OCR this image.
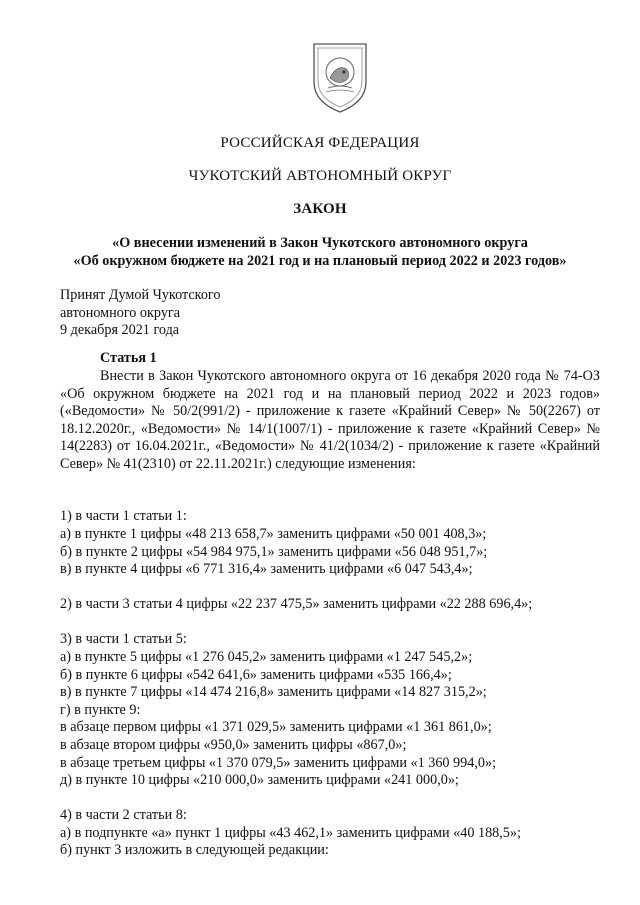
РОССИЙСКАЯ ФЕДЕРАЦИЯ
ЧУКОТСКИЙ АВТОНОМНЫЙ ОКРУГ
ЗАКОН
«О внесении изменений в Закон Чукотского автономного округа
«Об окружном бюджете на 2021 год и на плановый период 2022 и 2023 годов»
Принят Думой Чукотского
автономного округа
9 декабря 2021 года
Статья 1
Внести в Закон Чукотского автономного округа от 16 декабря 2020 года № 74-ОЗ «Об окружном бюджете на 2021 год и на плановый период 2022 и 2023 годов» («Ведомости» № 50/2(991/2) - приложение к газете «Крайний Север» № 50(2267) от 18.12.2020г., «Ведомости» № 14/1(1007/1) - приложение к газете «Крайний Север» № 14(2283) от 16.04.2021г., «Ведомости» № 41/2(1034/2) - приложение к газете «Крайний Север» № 41(2310) от 22.11.2021г.) следующие изменения:
1) в части 1 статьи 1:
а) в пункте 1 цифры «48 213 658,7» заменить цифрами «50 001 408,3»;
б) в пункте 2 цифры «54 984 975,1» заменить цифрами «56 048 951,7»;
в) в пункте 4 цифры «6 771 316,4» заменить цифрами «6 047 543,4»;
2) в части 3 статьи 4 цифры «22 237 475,5» заменить цифрами «22 288 696,4»;
3) в части 1 статьи 5:
а) в пункте 5 цифры «1 276 045,2» заменить цифрами «1 247 545,2»;
б) в пункте 6 цифры «542 641,6» заменить цифрами «535 166,4»;
в) в пункте 7 цифры «14 474 216,8» заменить цифрами «14 827 315,2»;
г) в пункте 9:
в абзаце первом цифры «1 371 029,5» заменить цифрами «1 361 861,0»;
в абзаце втором цифры «950,0» заменить цифры «867,0»;
в абзаце третьем цифры «1 370 079,5» заменить цифрами «1 360 994,0»;
д) в пункте 10 цифры «210 000,0» заменить цифрами «241 000,0»;
4) в части 2 статьи 8:
а) в подпункте «а» пункт 1 цифры «43 462,1» заменить цифрами «40 188,5»;
б) пункт 3 изложить в следующей редакции:
